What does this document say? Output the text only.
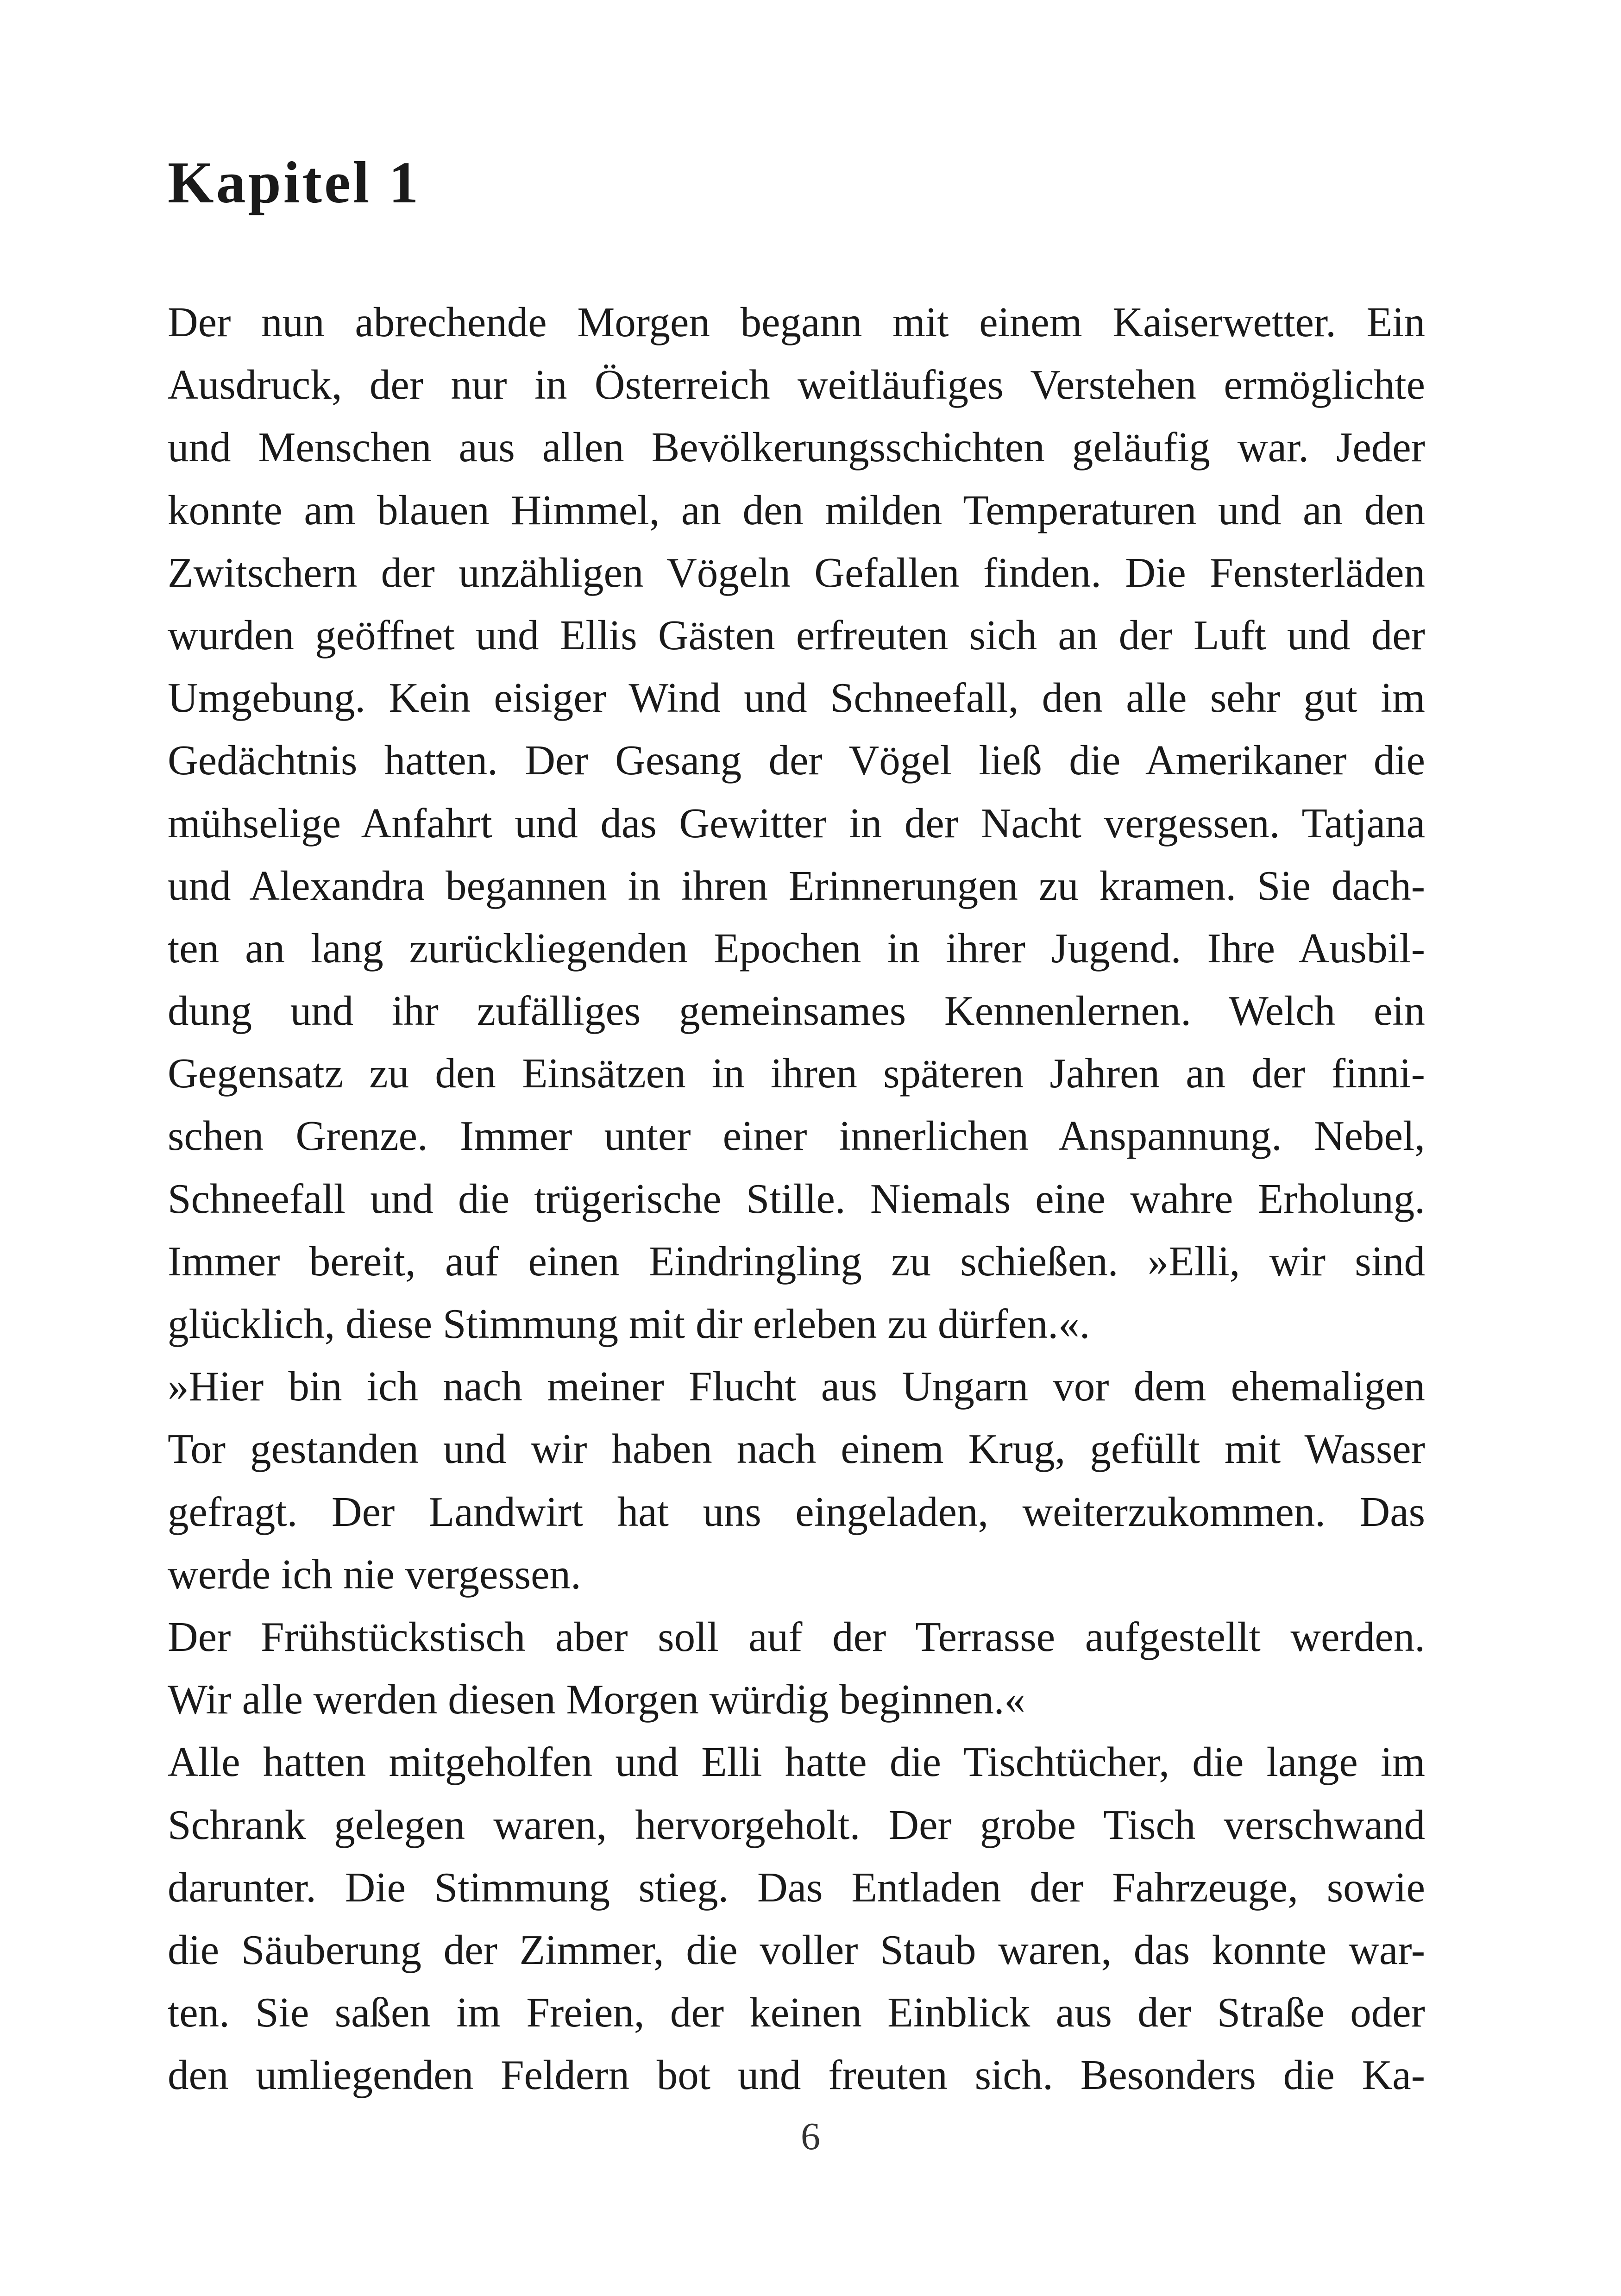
Kapitel 1
Der nun abrechende Morgen begann mit einem Kaiserwetter. Ein
Ausdruck, der nur in Österreich weitläufiges Verstehen ermöglichte
und Menschen aus allen Bevölkerungsschichten geläufig war. Jeder
konnte am blauen Himmel, an den milden Temperaturen und an den
Zwitschern der unzähligen Vögeln Gefallen finden. Die Fensterläden
wurden geöffnet und Ellis Gästen erfreuten sich an der Luft und der
Umgebung. Kein eisiger Wind und Schneefall, den alle sehr gut im
Gedächtnis hatten. Der Gesang der Vögel ließ die Amerikaner die
mühselige Anfahrt und das Gewitter in der Nacht vergessen. Tatjana
und Alexandra begannen in ihren Erinnerungen zu kramen. Sie dach-
ten an lang zurückliegenden Epochen in ihrer Jugend. Ihre Ausbil-
dung und ihr zufälliges gemeinsames Kennenlernen. Welch ein
Gegensatz zu den Einsätzen in ihren späteren Jahren an der finni-
schen Grenze. Immer unter einer innerlichen Anspannung. Nebel,
Schneefall und die trügerische Stille. Niemals eine wahre Erholung.
Immer bereit, auf einen Eindringling zu schießen. »Elli, wir sind
glücklich, diese Stimmung mit dir erleben zu dürfen.«.
»Hier bin ich nach meiner Flucht aus Ungarn vor dem ehemaligen
Tor gestanden und wir haben nach einem Krug, gefüllt mit Wasser
gefragt. Der Landwirt hat uns eingeladen, weiterzukommen. Das
werde ich nie vergessen.
Der Frühstückstisch aber soll auf der Terrasse aufgestellt werden.
Wir alle werden diesen Morgen würdig beginnen.«
Alle hatten mitgeholfen und Elli hatte die Tischtücher, die lange im
Schrank gelegen waren, hervorgeholt. Der grobe Tisch verschwand
darunter. Die Stimmung stieg. Das Entladen der Fahrzeuge, sowie
die Säuberung der Zimmer, die voller Staub waren, das konnte war-
ten. Sie saßen im Freien, der keinen Einblick aus der Straße oder
den umliegenden Feldern bot und freuten sich. Besonders die Ka-
6
